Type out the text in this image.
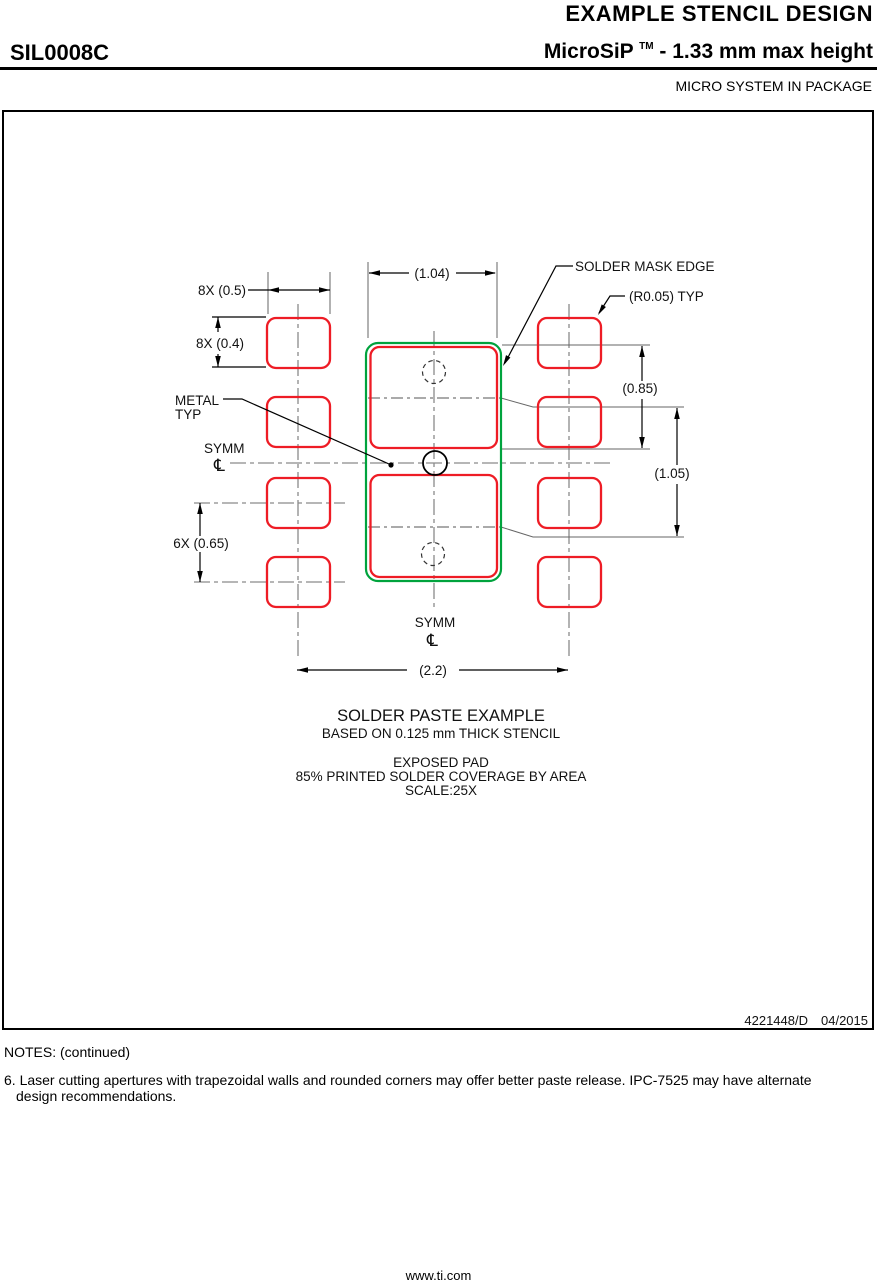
EXAMPLE STENCIL DESIGN
SIL0008C	MicroSiP ™ - 1.33 mm max height
MICRO SYSTEM IN PACKAGE
(1.04)
8X (0.5)
8X (0.4)
6X (0.65)
(0.85)
(1.05)
(2.2)
SOLDER MASK EDGE
(R0.05) TYP
METAL
TYP
SYMM
℄
SYMM
℄
SOLDER PASTE EXAMPLE
BASED ON 0.125 mm THICK STENCIL
EXPOSED PAD
85% PRINTED SOLDER COVERAGE BY AREA
SCALE:25X
4221448/D 04/2015
NOTES: (continued)
6. Laser cutting apertures with trapezoidal walls and rounded corners may offer better paste release. IPC-7525 may have alternate
design recommendations.
www.ti.com
